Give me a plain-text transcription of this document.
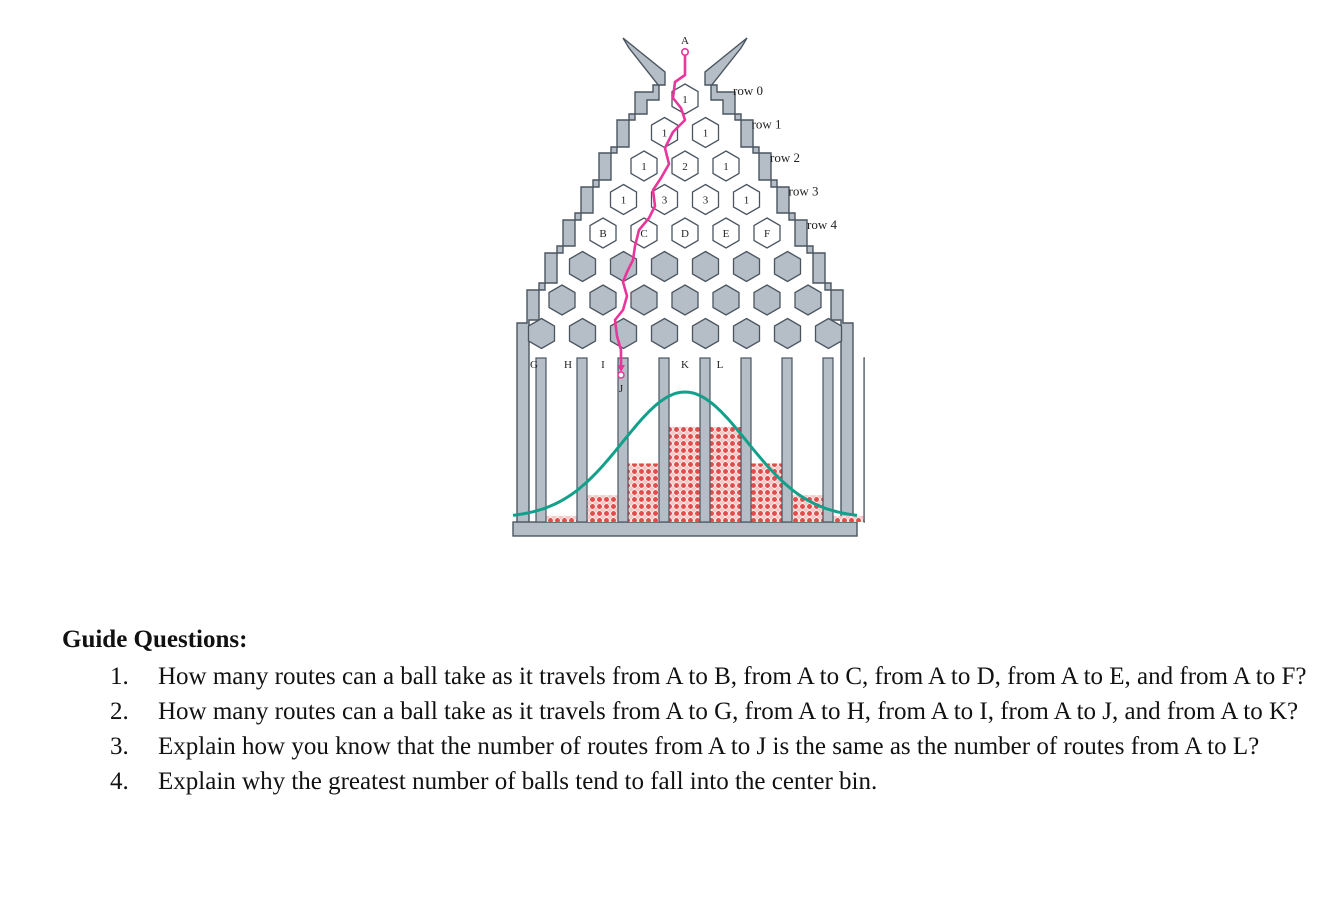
1
1	1
1	2	1
1	3	3	1
B	C	D	E	F
row 0
row 1
row 2
row 3
row 4
A
G H	I
J
K	L
Guide Questions:
1.	How many routes can a ball take as it travels from A to B, from A to C, from A to D, from A to E, and from A to F?
2.	How many routes can a ball take as it travels from A to G, from A to H, from A to I, from A to J, and from A to K?
3.	Explain how you know that the number of routes from A to J is the same as the number of routes from A to L?
4.	Explain why the greatest number of balls tend to fall into the center bin.
